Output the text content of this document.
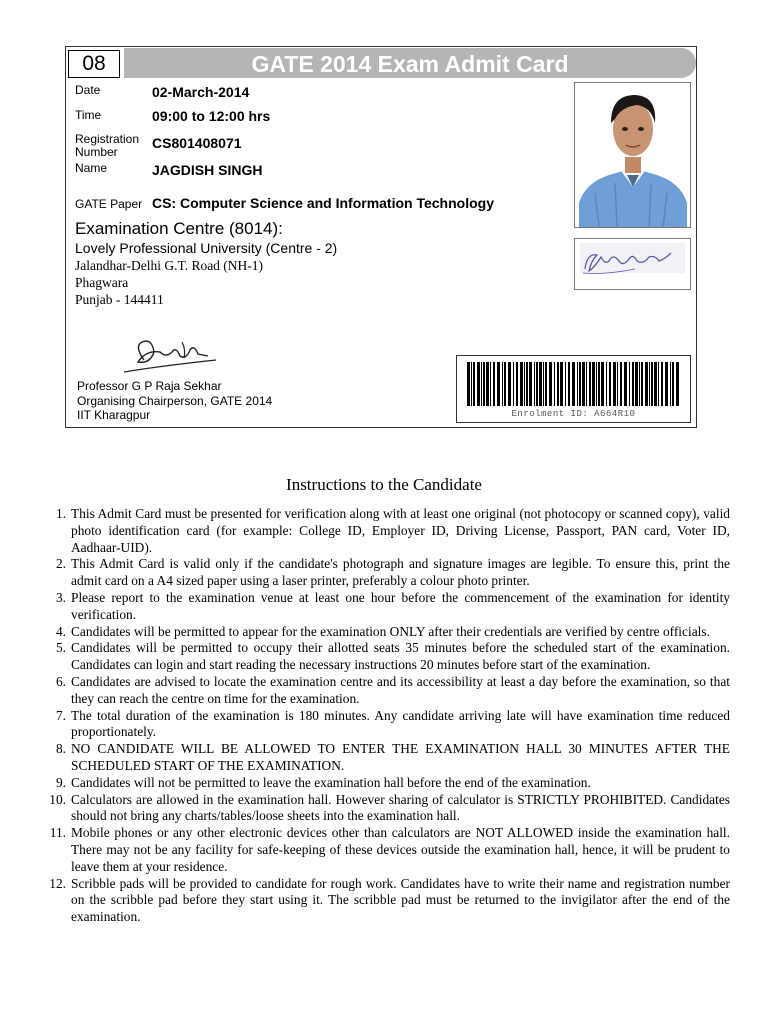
GATE 2014 Exam Admit Card
08
Date	02-March-2014
Time	09:00 to 12:00 hrs
Registration
Number
CS801408071
Name	JAGDISH SINGH
GATE Paper CS: Computer Science and Information Technology
Examination Centre (8014):
Lovely Professional University (Centre - 2)
Jalandhar-Delhi G.T. Road (NH-1)
Phagwara
Punjab - 144411
Professor G P Raja Sekhar
Organising Chairperson, GATE 2014
IIT Kharagpur	Enrolment ID: A664R10
Instructions to the Candidate
1. This Admit Card must be presented for verification along with at least one original (not photocopy or scanned copy), valid photo identification card (for example: College ID, Employer ID, Driving License, Passport, PAN card, Voter ID, Aadhaar-UID).
2. This Admit Card is valid only if the candidate's photograph and signature images are legible. To ensure this, print the admit card on a A4 sized paper using a laser printer, preferably a colour photo printer.
3. Please report to the examination venue at least one hour before the commencement of the examination for identity verification.
4. Candidates will be permitted to appear for the examination ONLY after their credentials are verified by centre officials.
5. Candidates will be permitted to occupy their allotted seats 35 minutes before the scheduled start of the examination. Candidates can login and start reading the necessary instructions 20 minutes before start of the examination.
6. Candidates are advised to locate the examination centre and its accessibility at least a day before the examination, so that they can reach the centre on time for the examination.
7. The total duration of the examination is 180 minutes. Any candidate arriving late will have examination time reduced proportionately.
8. NO CANDIDATE WILL BE ALLOWED TO ENTER THE EXAMINATION HALL 30 MINUTES AFTER THE SCHEDULED START OF THE EXAMINATION.
9. Candidates will not be permitted to leave the examination hall before the end of the examination.
10. Calculators are allowed in the examination hall. However sharing of calculator is STRICTLY PROHIBITED. Candidates should not bring any charts/tables/loose sheets into the examination hall.
11. Mobile phones or any other electronic devices other than calculators are NOT ALLOWED inside the examination hall. There may not be any facility for safe-keeping of these devices outside the examination hall, hence, it will be prudent to leave them at your residence.
12. Scribble pads will be provided to candidate for rough work. Candidates have to write their name and registration number on the scribble pad before they start using it. The scribble pad must be returned to the invigilator after the end of the examination.
